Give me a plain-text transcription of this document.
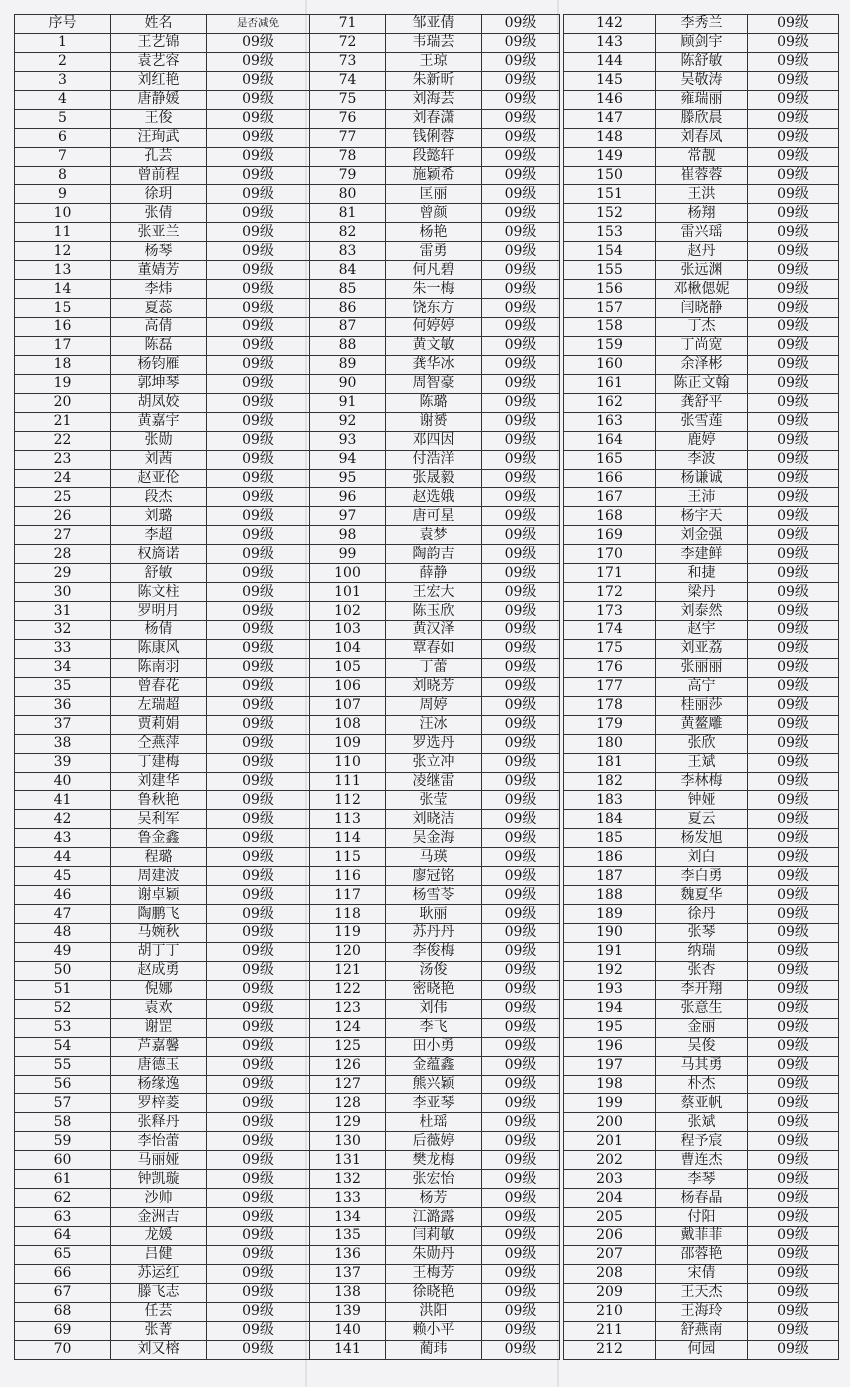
序号	姓名	是否减免
1	王艺锦	09级
2	袁艺容	09级
3	刘红艳	09级
4	唐静媛	09级
5	王俊	09级
6	汪珣武	09级
7	孔芸	09级
8	曾前程	09级
9	徐玥	09级
10	张倩	09级
11	张亚兰	09级
12	杨琴	09级
13	董婧芳	09级
14	李炜	09级
15	夏蕊	09级
16	高倩	09级
17	陈磊	09级
18	杨钧雁	09级
19	郭坤琴	09级
20	胡凤姣	09级
21	黄嘉宇	09级
22	张勋	09级
23	刘茜	09级
24	赵亚伦	09级
25	段杰	09级
26	刘璐	09级
27	李超	09级
28	权旖诺	09级
29	舒敏	09级
30	陈文柱	09级
31	罗明月	09级
32	杨倩	09级
33	陈康风	09级
34	陈南羽	09级
35	曾春花	09级
36	左瑞超	09级
37	贾莉娟	09级
38	仝燕萍	09级
39	丁建梅	09级
40	刘建华	09级
41	鲁秋艳	09级
42	吴利军	09级
43	鲁金鑫	09级
44	程璐	09级
45	周建波	09级
46	谢卓颖	09级
47	陶鹏飞	09级
48	马婉秋	09级
49	胡丁丁	09级
50	赵成勇	09级
51	倪娜	09级
52	袁欢	09级
53	谢罡	09级
54	芦嘉馨	09级
55	唐德玉	09级
56	杨缘逸	09级
57	罗梓菱	09级
58	张释丹	09级
59	李怡蕾	09级
60	马丽娅	09级
61	钟凯璇	09级
62	沙帅	09级
63	金洲吉	09级
64	龙媛	09级
65	吕健	09级
66	苏运红	09级
67	滕飞志	09级
68	任芸	09级
69	张菁	09级
70	刘又榕	09级
71	邹亚倩	09级
72	韦瑞芸	09级
73	王琼	09级
74	朱新昕	09级
75	刘海芸	09级
76	刘春潇	09级
77	钱俐蓉	09级
78	段懿轩	09级
79	施颖希	09级
80	匡丽	09级
81	曾颜	09级
82	杨艳	09级
83	雷勇	09级
84	何凡碧	09级
85	朱一梅	09级
86	饶东方	09级
87	何婷婷	09级
88	黄文敏	09级
89	龚华冰	09级
90	周智豪	09级
91	陈璐	09级
92	谢赟	09级
93	邓四因	09级
94	付浩洋	09级
95	张晟毅	09级
96	赵选娥	09级
97	唐可星	09级
98	袁梦	09级
99	陶韵吉	09级
100	薛静	09级
101	王宏大	09级
102	陈玉欣	09级
103	黄汉泽	09级
104	覃春如	09级
105	丁蕾	09级
106	刘晓芳	09级
107	周婷	09级
108	汪冰	09级
109	罗选丹	09级
110	张立冲	09级
111	凌继雷	09级
112	张莹	09级
113	刘晓洁	09级
114	吴金海	09级
115	马瑛	09级
116	廖冠铭	09级
117	杨雪苓	09级
118	耿丽	09级
119	苏丹丹	09级
120	李俊梅	09级
121	汤俊	09级
122	密晓艳	09级
123	刘伟	09级
124	李飞	09级
125	田小勇	09级
126	金蕴鑫	09级
127	熊兴颖	09级
128	李亚琴	09级
129	杜瑶	09级
130	后薇婷	09级
131	樊龙梅	09级
132	张宏怡	09级
133	杨芳	09级
134	江潞露	09级
135	闫莉敏	09级
136	朱勋丹	09级
137	王梅芳	09级
138	徐晓艳	09级
139	洪阳	09级
140	赖小平	09级
141	蔺玮	09级
142	李秀兰	09级
143	顾剑宇	09级
144	陈舒敏	09级
145	吴敬涛	09级
146	雍瑞丽	09级
147	滕欣晨	09级
148	刘春凤	09级
149	常靓	09级
150	崔蓉蓉	09级
151	王洪	09级
152	杨翔	09级
153	雷兴瑶	09级
154	赵丹	09级
155	张远渊	09级
156	邓楸偲妮	09级
157	闫晓静	09级
158	丁杰	09级
159	丁尚宽	09级
160	余泽彬	09级
161	陈正文翰	09级
162	龚舒平	09级
163	张雪莲	09级
164	鹿婷	09级
165	李波	09级
166	杨谦诚	09级
167	王沛	09级
168	杨宇天	09级
169	刘金强	09级
170	李建鲜	09级
171	和捷	09级
172	梁丹	09级
173	刘泰然	09级
174	赵宇	09级
175	刘亚荔	09级
176	张丽丽	09级
177	高宁	09级
178	桂丽莎	09级
179	黄鳌雕	09级
180	张欣	09级
181	王斌	09级
182	李林梅	09级
183	钟娅	09级
184	夏云	09级
185	杨发旭	09级
186	刘白	09级
187	李白勇	09级
188	魏夏华	09级
189	徐丹	09级
190	张琴	09级
191	纳瑞	09级
192	张杏	09级
193	李开翔	09级
194	张意生	09级
195	金丽	09级
196	吴俊	09级
197	马其勇	09级
198	朴杰	09级
199	蔡亚帆	09级
200	张斌	09级
201	程予宸	09级
202	曹连杰	09级
203	李琴	09级
204	杨春晶	09级
205	付阳	09级
206	戴菲菲	09级
207	邵蓉艳	09级
208	宋倩	09级
209	王天杰	09级
210	王海玲	09级
211	舒燕南	09级
212	何园	09级
